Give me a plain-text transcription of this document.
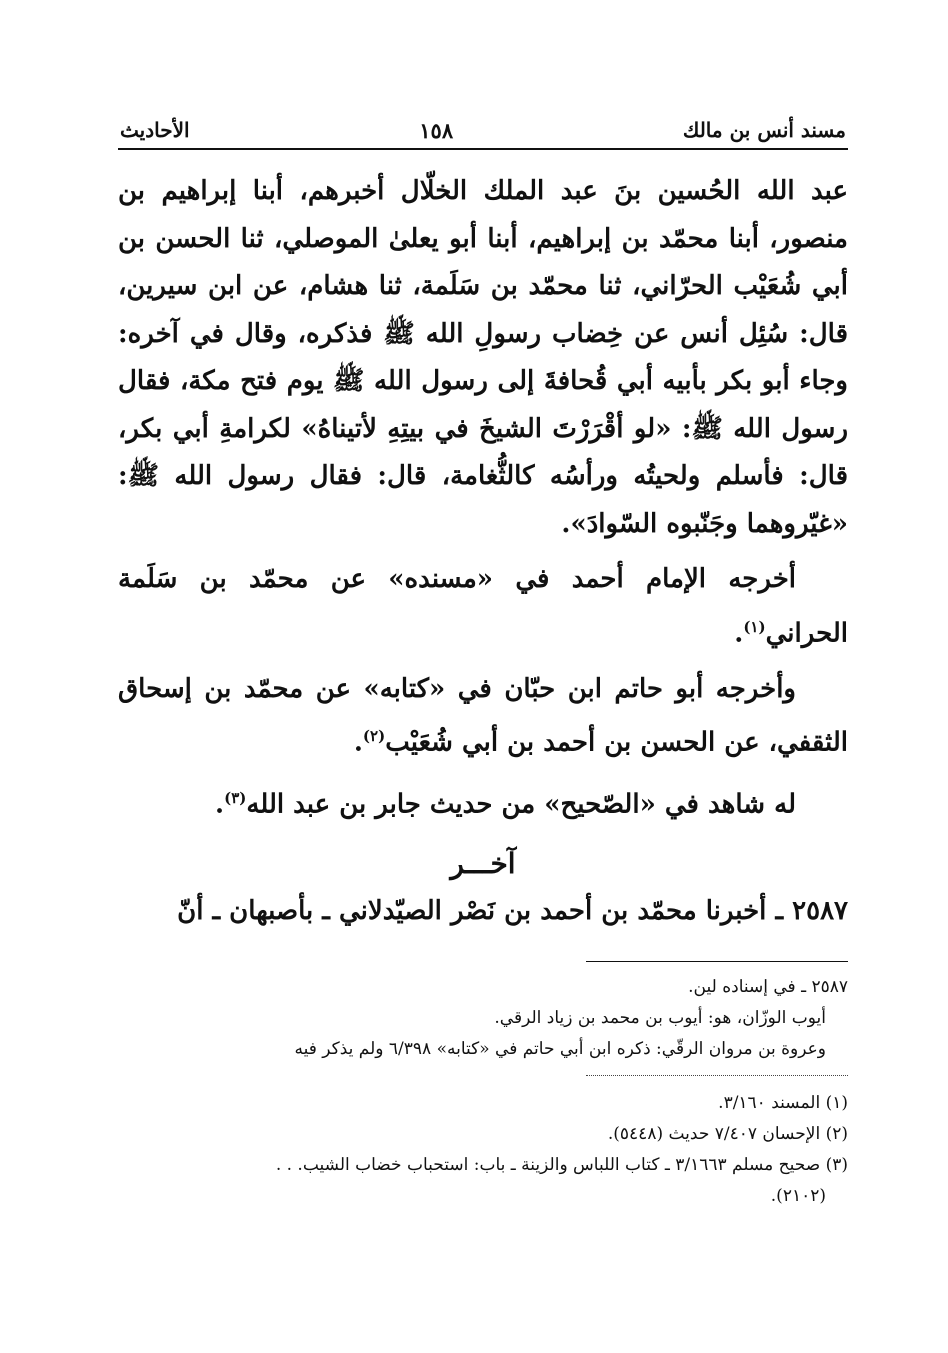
مسند أنس بن مالك
١٥٨
الأحاديث

عبد الله الحُسين بنَ عبد الملك الخلّال أخبرهم، أبنا إبراهيم بن منصور، أبنا محمّد بن إبراهيم، أبنا أبو يعلىٰ الموصلي، ثنا الحسن بن أبي شُعَيْب الحرّاني، ثنا محمّد بن سَلَمة، ثنا هشام، عن ابن سيرين، قال: سُئِل أنس عن خِضاب رسولِ الله ﷺ فذكره، وقال في آخره: وجاء أبو بكر بأبيه أبي قُحافةَ إلى رسول الله ﷺ يوم فتح مكة، فقال رسول الله ﷺ: «لو أقْرَرْتَ الشيخَ في بيتِهِ لأتيناهُ» لكرامةِ أبي بكر، قال: فأسلم ولحيتُه ورأسُه كالثُّغامة، قال: فقال رسول الله ﷺ: «غيّروهما وجَنّبوه السّوادَ».

أخرجه الإمام أحمد في «مسنده» عن محمّد بن سَلَمة الحراني$^{(١)}$.

وأخرجه أبو حاتم ابن حبّان في «كتابه» عن محمّد بن إسحاق الثقفي، عن الحسن بن أحمد بن أبي شُعَيْب$^{(٢)}$.

له شاهد في «الصّحيح» من حديث جابر بن عبد الله$^{(٣)}$.

آخـــر
٢٥٨٧ ـ أخبرنا محمّد بن أحمد بن نَصْر الصيّدلاني ـ بأصبهان ـ أنّ

٢٥٨٧ ـ في إسناده لين.

أيوب الوزّان، هو: أيوب بن محمد بن زياد الرقي.

وعروة بن مروان الرقّي: ذكره ابن أبي حاتم في «كتابه» ٦/٣٩٨ ولم يذكر فيه

(١) المسند ٣/١٦٠.

(٢) الإحسان ٧/٤٠٧ حديث (٥٤٤٨).

(٣) صحيح مسلم ٣/١٦٦٣ ـ كتاب اللباس والزينة ـ باب: استحباب خضاب الشيب. . .

(٢١٠٢).
